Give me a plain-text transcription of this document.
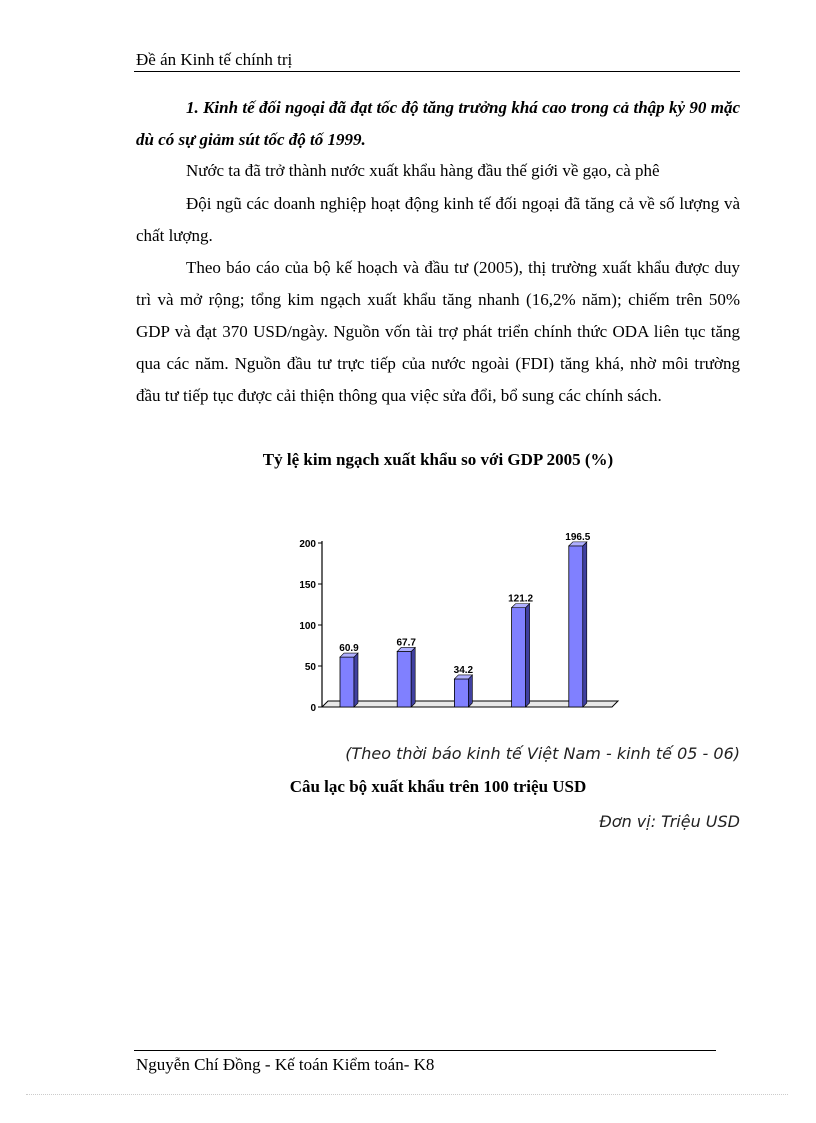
Đề án Kinh tế chính trị
1. Kinh tế đối ngoại đã đạt tốc độ tăng trưởng khá cao trong cả thập kỷ 90 mặc dù có sự giảm sút tốc độ tố 1999.
Nước ta đã trở thành nước xuất khẩu hàng đầu thế giới về gạo, cà phê
Đội ngũ các doanh nghiệp hoạt động kinh tế đối ngoại đã tăng cả về số lượng và chất lượng.
Theo báo cáo của bộ kế hoạch và đầu tư (2005), thị trường xuất khẩu được duy trì và mở rộng; tổng kim ngạch xuất khẩu tăng nhanh (16,2% năm); chiếm trên 50% GDP và đạt 370 USD/ngày. Nguồn vốn tài trợ phát triển chính thức ODA liên tục tăng qua các năm. Nguồn đầu tư trực tiếp của nước ngoài (FDI) tăng khá, nhờ môi trường đầu tư tiếp tục được cải thiện thông qua việc sửa đổi, bổ sung các chính sách.
Tỷ lệ kim ngạch xuất khẩu so với GDP 2005 (%)
0
50
100
150
200
60.9
67.7
34.2
121.2
196.5
(Theo thời báo kinh tế Việt Nam - kinh tế 05 - 06)
Câu lạc bộ xuất khẩu trên 100 triệu USD
Đơn vị: Triệu USD
Nguyễn Chí Đồng - Kế toán Kiểm toán- K8
